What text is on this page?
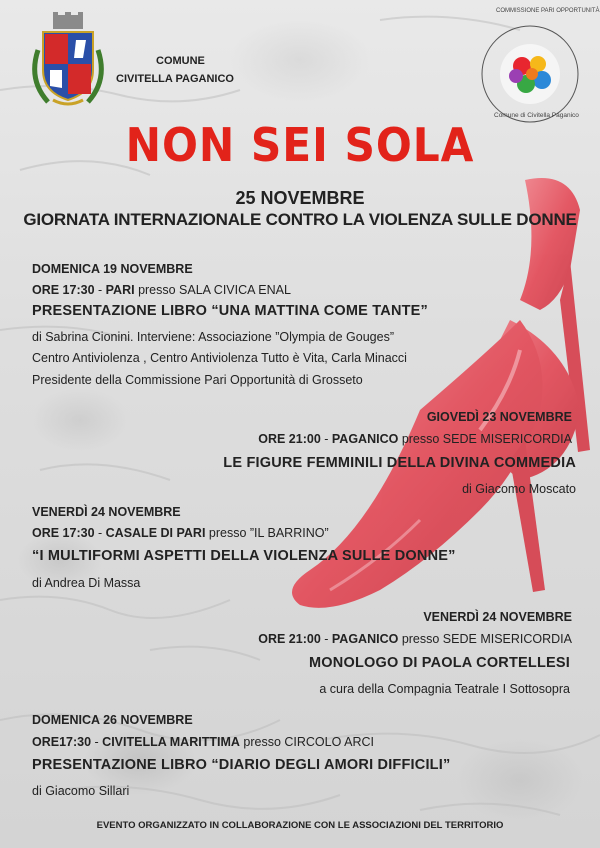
COMUNE
CIVITELLA PAGANICO
COMMISSIONE PARI OPPORTUNITÀ
Comune di Civitella Paganico
NON SEI SOLA
25 NOVEMBRE
GIORNATA INTERNAZIONALE CONTRO LA VIOLENZA SULLE DONNE
DOMENICA 19 NOVEMBRE
ORE 17:30 - PARI presso SALA CIVICA ENAL
PRESENTAZIONE LIBRO “UNA MATTINA COME TANTE”
di Sabrina Cionini. Interviene: Associazione ”Olympia de Gouges”
Centro Antiviolenza , Centro Antiviolenza Tutto è Vita, Carla Minacci
Presidente della Commissione Pari Opportunità di Grosseto
GIOVEDÌ 23 NOVEMBRE
ORE 21:00 - PAGANICO presso SEDE MISERICORDIA
LE FIGURE FEMMINILI DELLA DIVINA COMMEDIA
di Giacomo Moscato
VENERDÌ 24 NOVEMBRE
ORE 17:30 - CASALE DI PARI presso ”IL BARRINO”
“I MULTIFORMI ASPETTI DELLA VIOLENZA SULLE DONNE”
di Andrea Di Massa
VENERDÌ 24 NOVEMBRE
ORE 21:00 - PAGANICO presso SEDE MISERICORDIA
MONOLOGO DI PAOLA CORTELLESI
a cura della Compagnia Teatrale I Sottosopra
DOMENICA 26 NOVEMBRE
ORE17:30 - CIVITELLA MARITTIMA presso CIRCOLO ARCI
PRESENTAZIONE LIBRO “DIARIO DEGLI AMORI DIFFICILI”
di Giacomo Sillari
EVENTO ORGANIZZATO IN COLLABORAZIONE CON LE ASSOCIAZIONI DEL TERRITORIO
